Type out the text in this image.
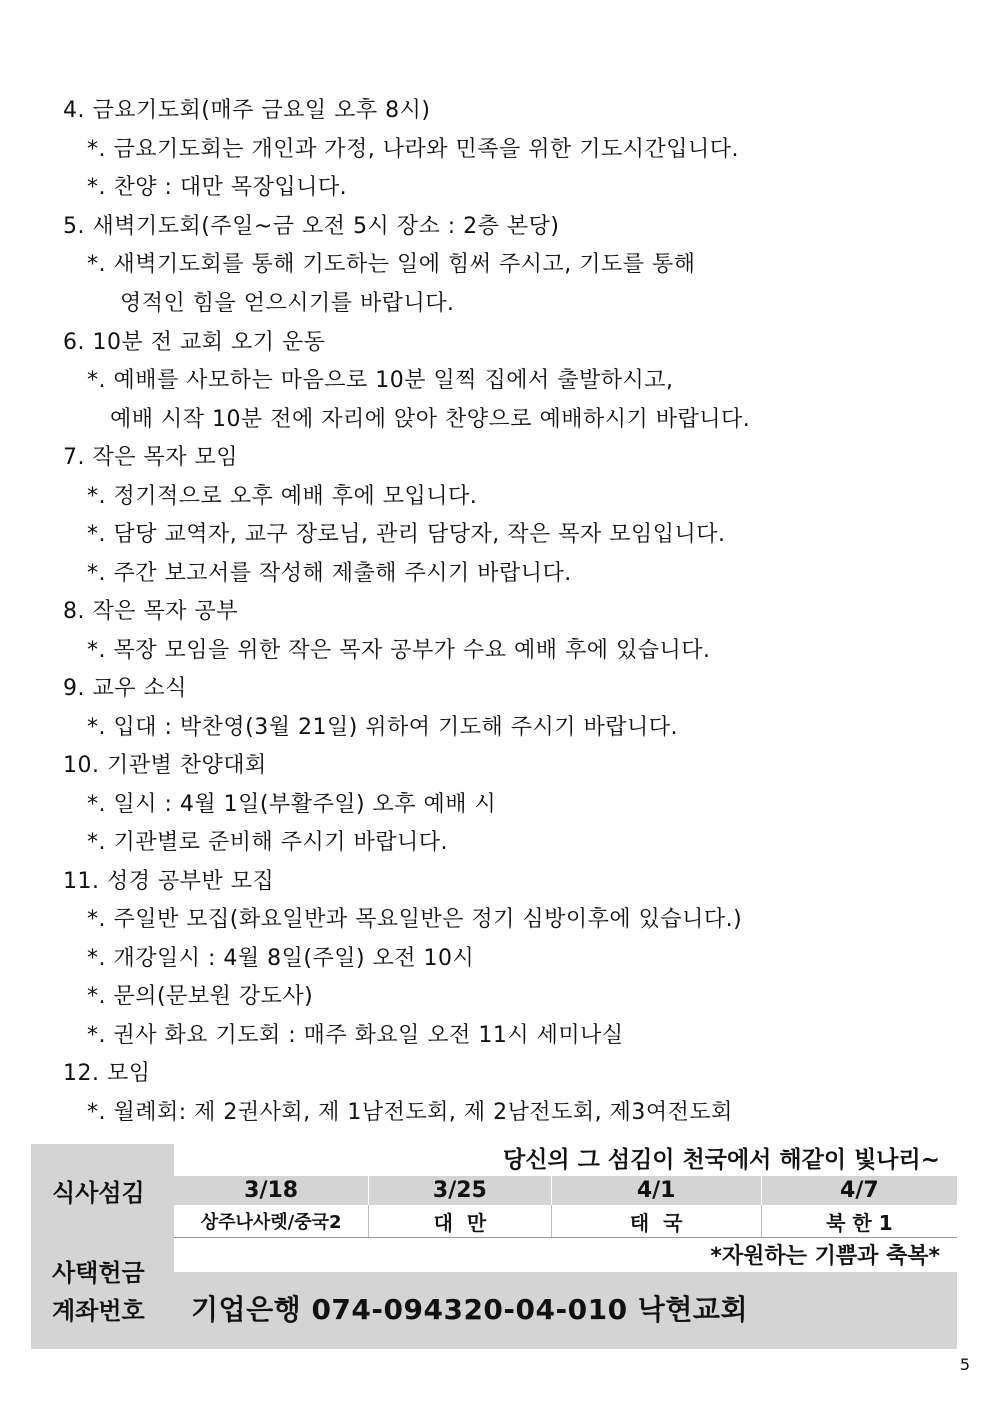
4. 금요기도회(매주 금요일 오후 8시)
*. 금요기도회는 개인과 가정, 나라와 민족을 위한 기도시간입니다.
*. 찬양 : 대만 목장입니다.
5. 새벽기도회(주일~금 오전 5시 장소 : 2층 본당)
*. 새벽기도회를 통해 기도하는 일에 힘써 주시고, 기도를 통해
영적인 힘을 얻으시기를 바랍니다.
6. 10분 전 교회 오기 운동
*. 예배를 사모하는 마음으로 10분 일찍 집에서 출발하시고,
예배 시작 10분 전에 자리에 앉아 찬양으로 예배하시기 바랍니다.
7. 작은 목자 모임
*. 정기적으로 오후 예배 후에 모입니다.
*. 담당 교역자, 교구 장로님, 관리 담당자, 작은 목자 모임입니다.
*. 주간 보고서를 작성해 제출해 주시기 바랍니다.
8. 작은 목자 공부
*. 목장 모임을 위한 작은 목자 공부가 수요 예배 후에 있습니다.
9. 교우 소식
*. 입대 : 박찬영(3월 21일) 위하여 기도해 주시기 바랍니다.
10. 기관별 찬양대회
*. 일시 : 4월 1일(부활주일) 오후 예배 시
*. 기관별로 준비해 주시기 바랍니다.
11. 성경 공부반 모집
*. 주일반 모집(화요일반과 목요일반은 정기 심방이후에 있습니다.)
*. 개강일시 : 4월 8일(주일) 오전 10시
*. 문의(문보원 강도사)
*. 권사 화요 기도회 : 매주 화요일 오전 11시 세미나실
12. 모임
*. 월례회: 제 2권사회, 제 1남전도회, 제 2남전도회, 제3여전도회
식사섬김
당신의 그 섬김이 천국에서 해같이 빛나리~
3/18	3/25	4/1	4/7
상주나사렛/중국2	대  만	태  국	북 한 1
*자원하는 기쁨과 축복*
사택헌금
계좌번호 기업은행 074-094320-04-010 낙현교회
5
